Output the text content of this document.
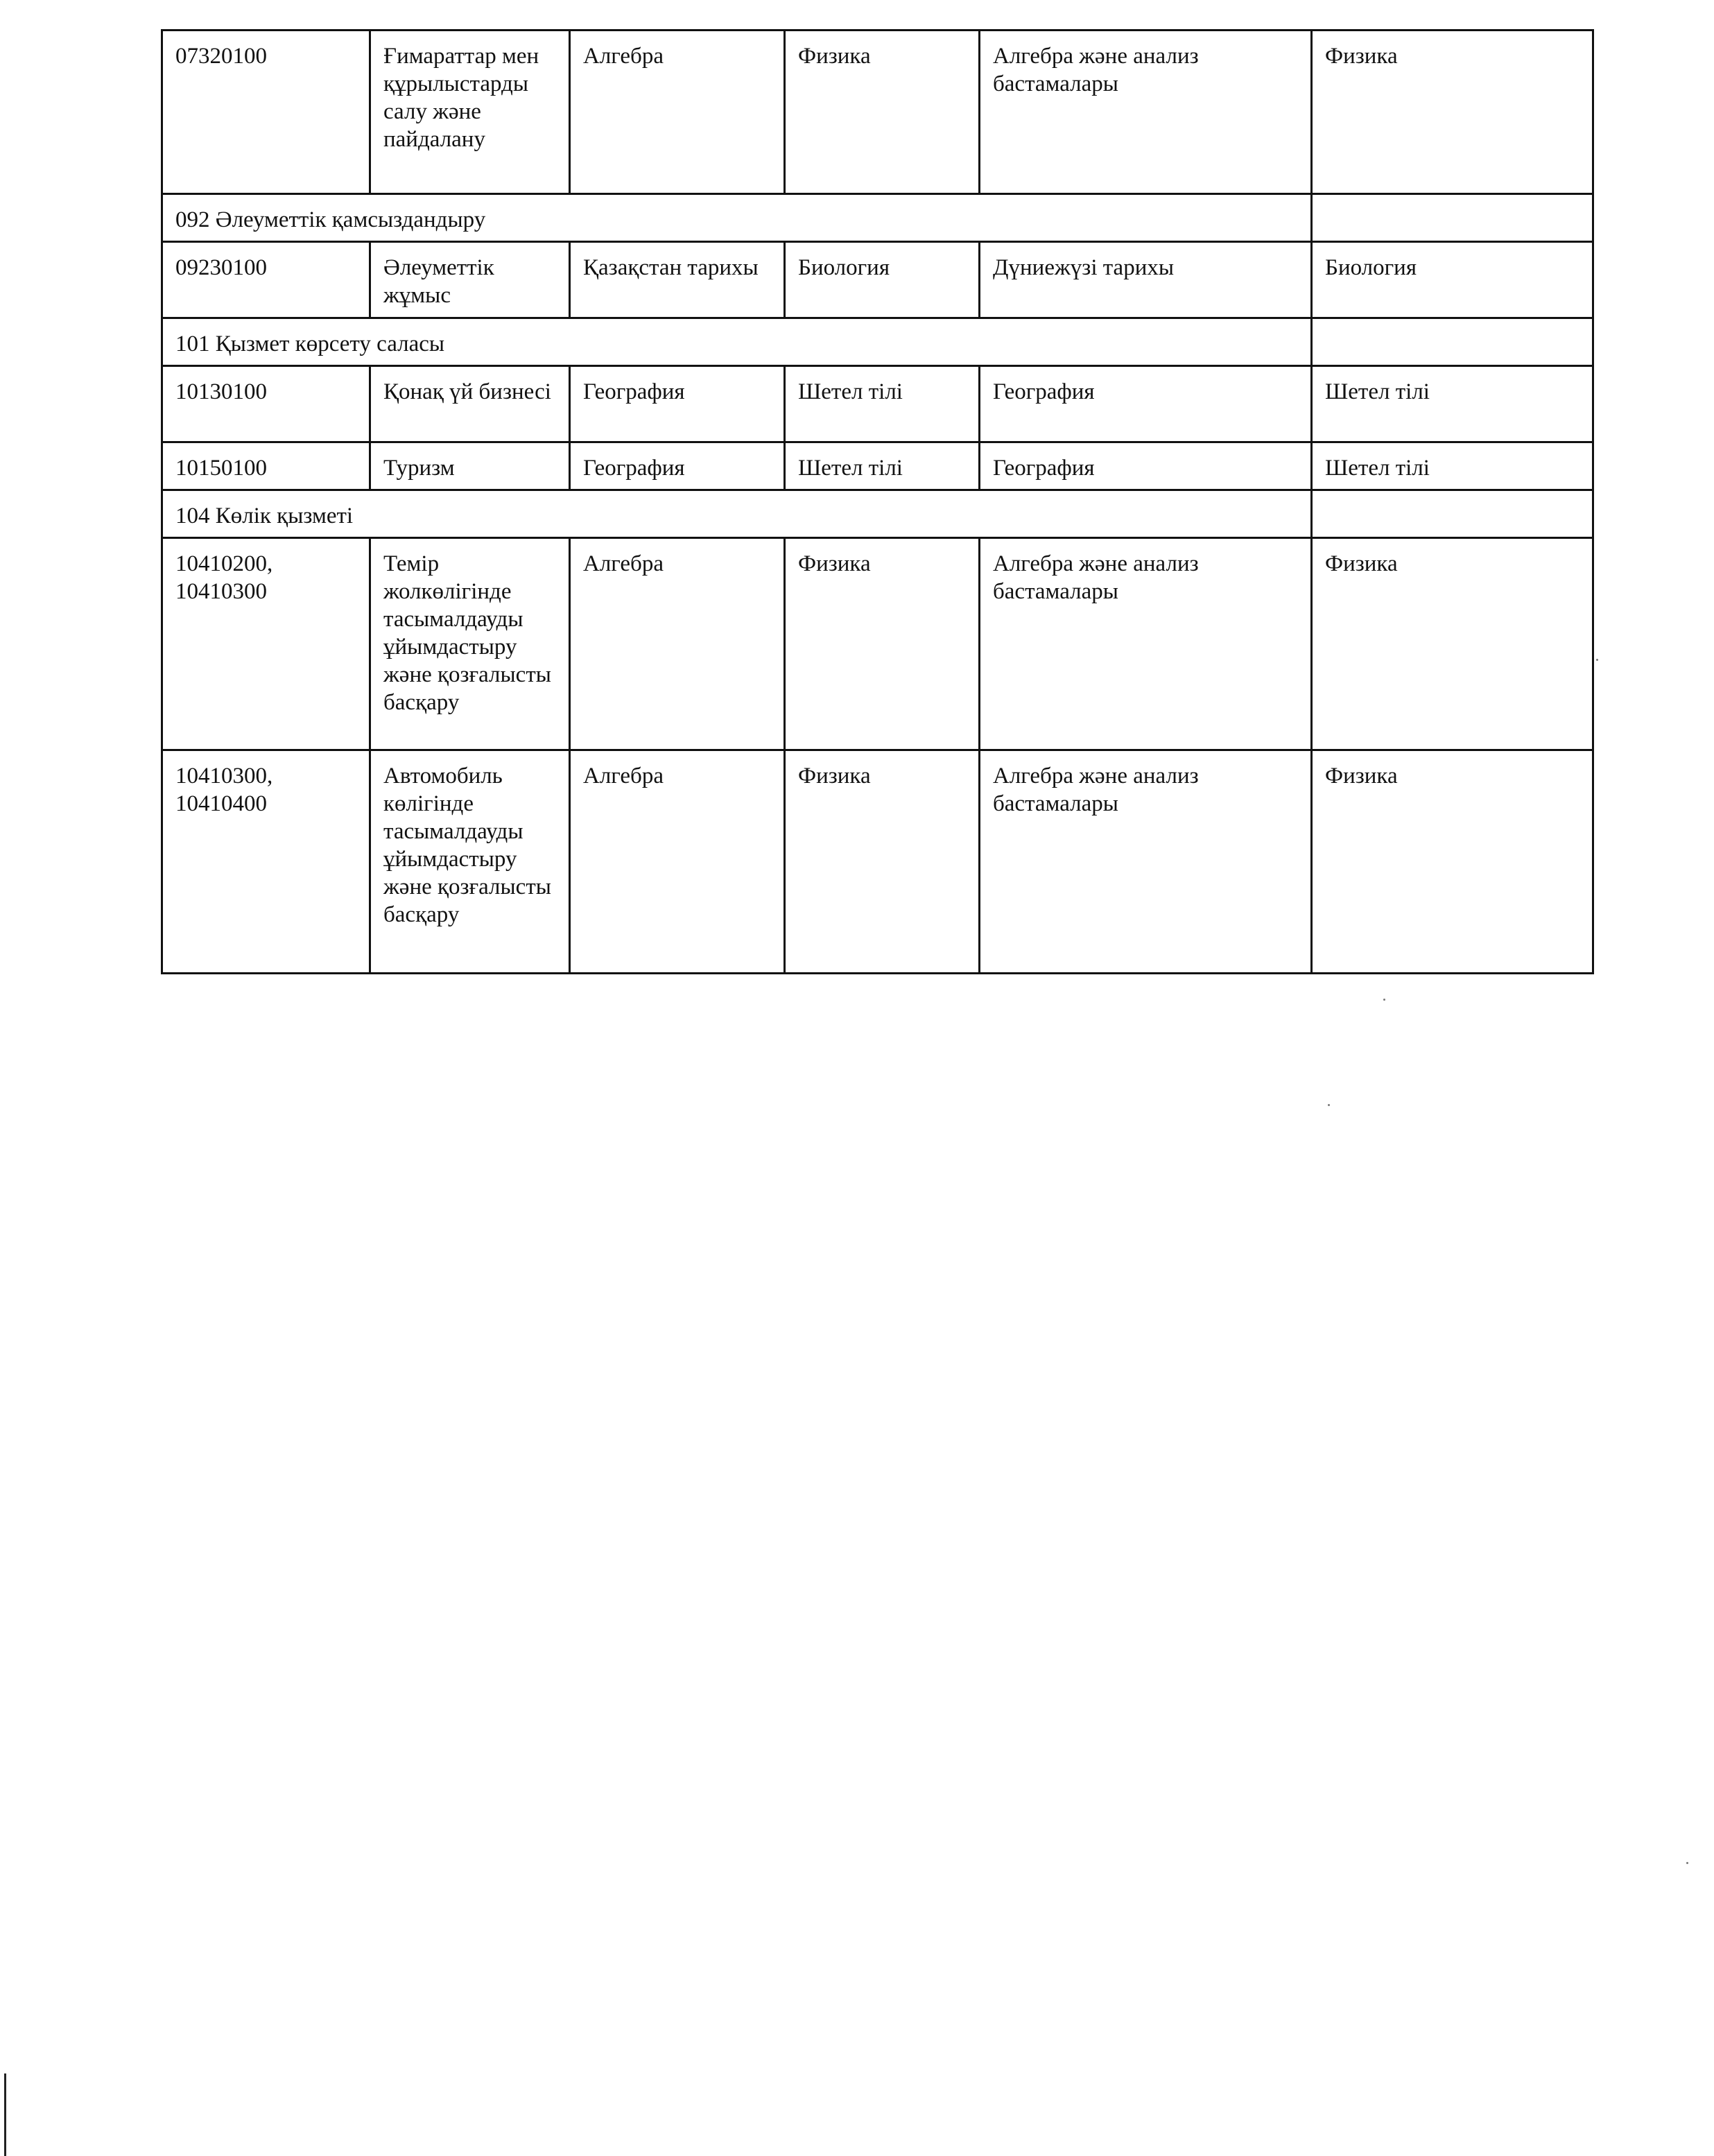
07320100	Ғимараттар мен құрылыстарды салу және пайдалану	Алгебра	Физика	Алгебра және анализ бастамалары	Физика
092 Әлеуметтік қамсыздандыру					
09230100	Әлеуметтік жұмыс	Қазақстан тарихы	Биология	Дүниежүзі тарихы	Биология
101 Қызмет көрсету саласы					
10130100	Қонақ үй бизнесі	География	Шетел тілі	География	Шетел тілі
10150100	Туризм	География	Шетел тілі	География	Шетел тілі
104 Көлік қызметі					
10410200, 10410300	Темір жолкөлігінде тасымалдауды ұйымдастыру және қозғалысты басқару	Алгебра	Физика	Алгебра және анализ бастамалары	Физика
10410300, 10410400	Автомобиль көлігінде тасымалдауды ұйымдастыру және қозғалысты басқару	Алгебра	Физика	Алгебра және анализ бастамалары	Физика
